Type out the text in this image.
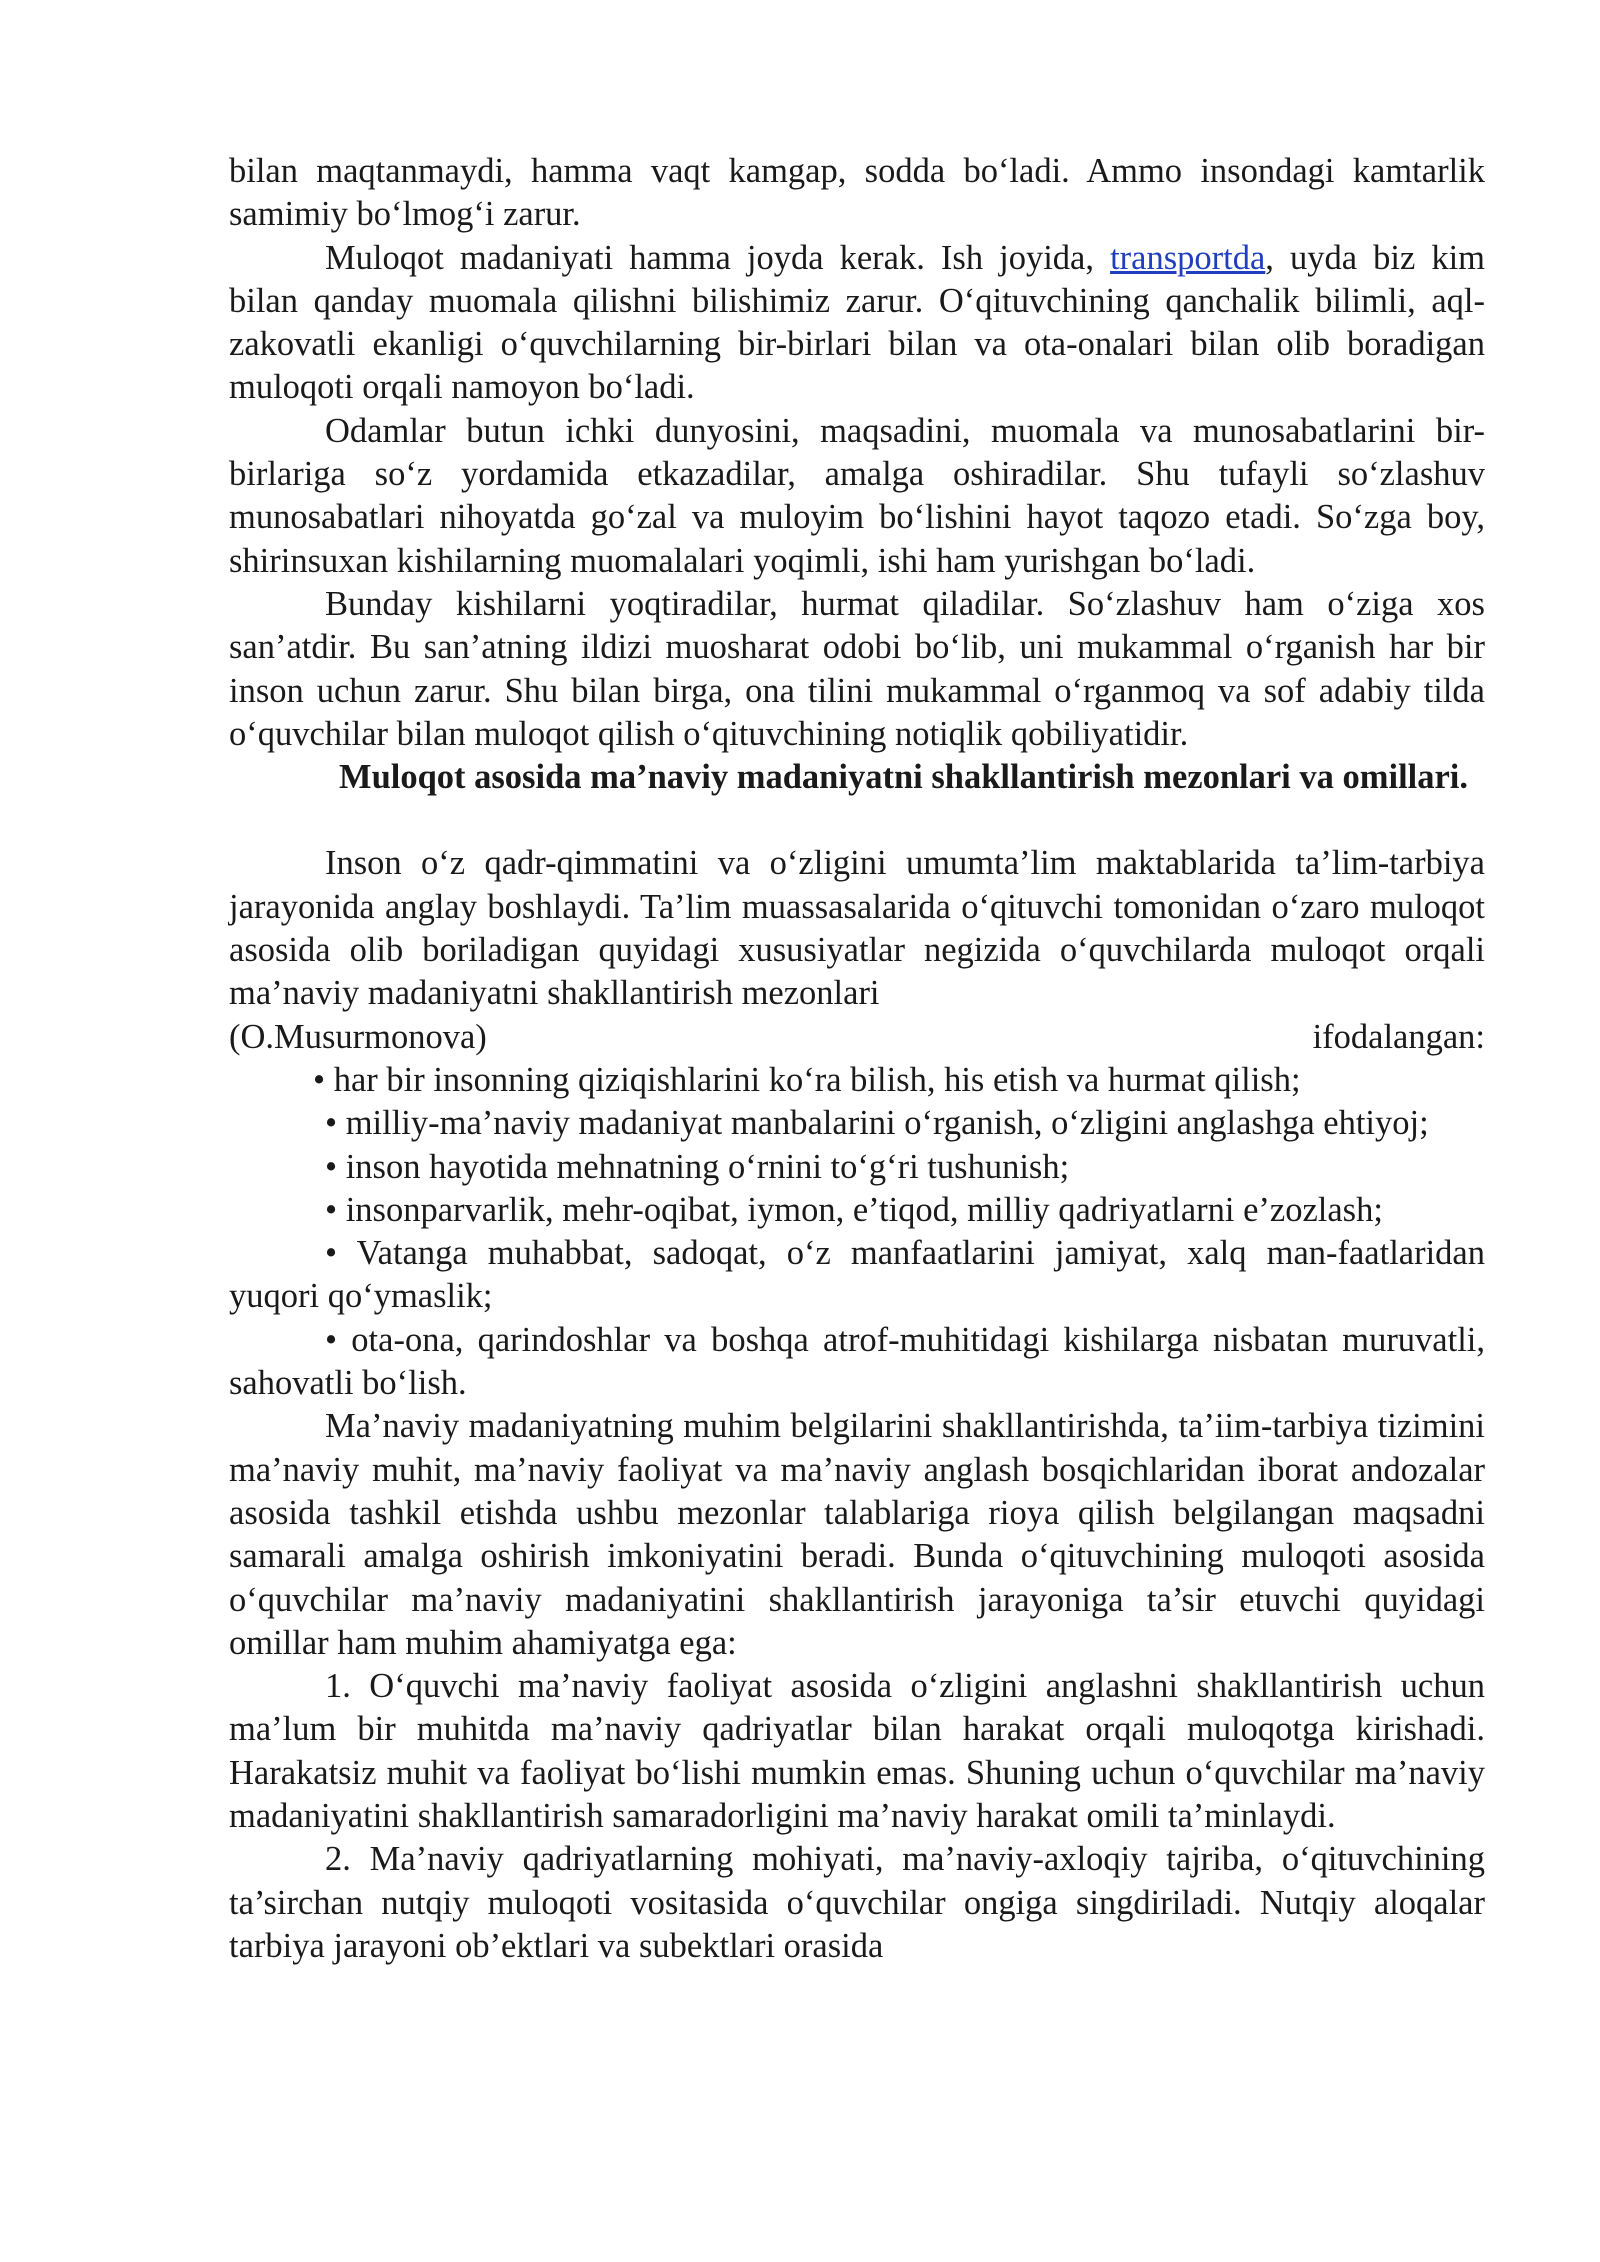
bilan maqtanmaydi, hamma vaqt kamgap, sodda bo‘ladi. Ammo insondagi kamtarlik samimiy bo‘lmog‘i zarur.

Muloqot madaniyati hamma joyda kerak. Ish joyida, transportda, uyda biz kim bilan qanday muomala qilishni bilishimiz zarur. O‘qituvchining qanchalik bilimli, aql-zakovatli ekanligi o‘quvchilarning bir-birlari bilan va ota-onalari bilan olib boradigan muloqoti orqali namoyon bo‘ladi.

Odamlar butun ichki dunyosini, maqsadini, muomala va munosabatlarini bir-birlariga so‘z yordamida etkazadilar, amalga oshiradilar. Shu tufayli so‘zlashuv munosabatlari nihoyatda go‘zal va muloyim bo‘lishini hayot taqozo etadi. So‘zga boy, shirinsuxan kishilarning muomalalari yoqimli, ishi ham yurishgan bo‘ladi.

Bunday kishilarni yoqtiradilar, hurmat qiladilar. So‘zlashuv ham o‘ziga xos san’atdir. Bu san’atning ildizi muosharat odobi bo‘lib, uni mukammal o‘rganish har bir inson uchun zarur. Shu bilan birga, ona tilini mukammal o‘rganmoq va sof adabiy tilda o‘quvchilar bilan muloqot qilish o‘qituvchining notiqlik qobiliyatidir.

Muloqot asosida ma’naviy madaniyatni shakllantirish mezonlari va omillari.

Inson o‘z qadr-qimmatini va o‘zligini umumta’lim maktablarida ta’lim-tarbiya jarayonida anglay boshlaydi. Ta’lim muassasalarida o‘qituvchi tomonidan o‘zaro muloqot asosida olib boriladigan quyidagi xususiyatlar negizida o‘quvchilarda muloqot orqali ma’naviy madaniyatni shakllantirish mezonlari

(O.Musurmonova)	ifodalangan:

• har bir insonning qiziqishlarini ko‘ra bilish, his etish va hurmat qilish;

• milliy-ma’naviy madaniyat manbalarini o‘rganish, o‘zligini anglashga ehtiyoj;

• inson hayotida mehnatning o‘rnini to‘g‘ri tushunish;

• insonparvarlik, mehr-oqibat, iymon, e’tiqod, milliy qadriyatlarni e’zozlash;

• Vatanga muhabbat, sadoqat, o‘z manfaatlarini jamiyat, xalq man-faatlaridan yuqori qo‘ymaslik;

• ota-ona, qarindoshlar va boshqa atrof-muhitidagi kishilarga nisbatan muruvatli, sahovatli bo‘lish.

Ma’naviy madaniyatning muhim belgilarini shakllantirishda, ta’iim-tarbiya tizimini ma’naviy muhit, ma’naviy faoliyat va ma’naviy anglash bosqichlaridan iborat andozalar asosida tashkil etishda ushbu mezonlar talablariga rioya qilish belgilangan maqsadni samarali amalga oshirish imkoniyatini beradi. Bunda o‘qituvchining muloqoti asosida o‘quvchilar ma’naviy madaniyatini shakllantirish jarayoniga ta’sir etuvchi quyidagi omillar ham muhim ahamiyatga ega:

1. O‘quvchi ma’naviy faoliyat asosida o‘zligini anglashni shakllantirish uchun ma’lum bir muhitda ma’naviy qadriyatlar bilan harakat orqali muloqotga kirishadi. Harakatsiz muhit va faoliyat bo‘lishi mumkin emas. Shuning uchun o‘quvchilar ma’naviy madaniyatini shakllantirish samaradorligini ma’naviy harakat omili ta’minlaydi.

2. Ma’naviy qadriyatlarning mohiyati, ma’naviy-axloqiy tajriba, o‘qituvchining ta’sirchan nutqiy muloqoti vositasida o‘quvchilar ongiga singdiriladi. Nutqiy aloqalar tarbiya jarayoni ob’ektlari va subektlari orasida
